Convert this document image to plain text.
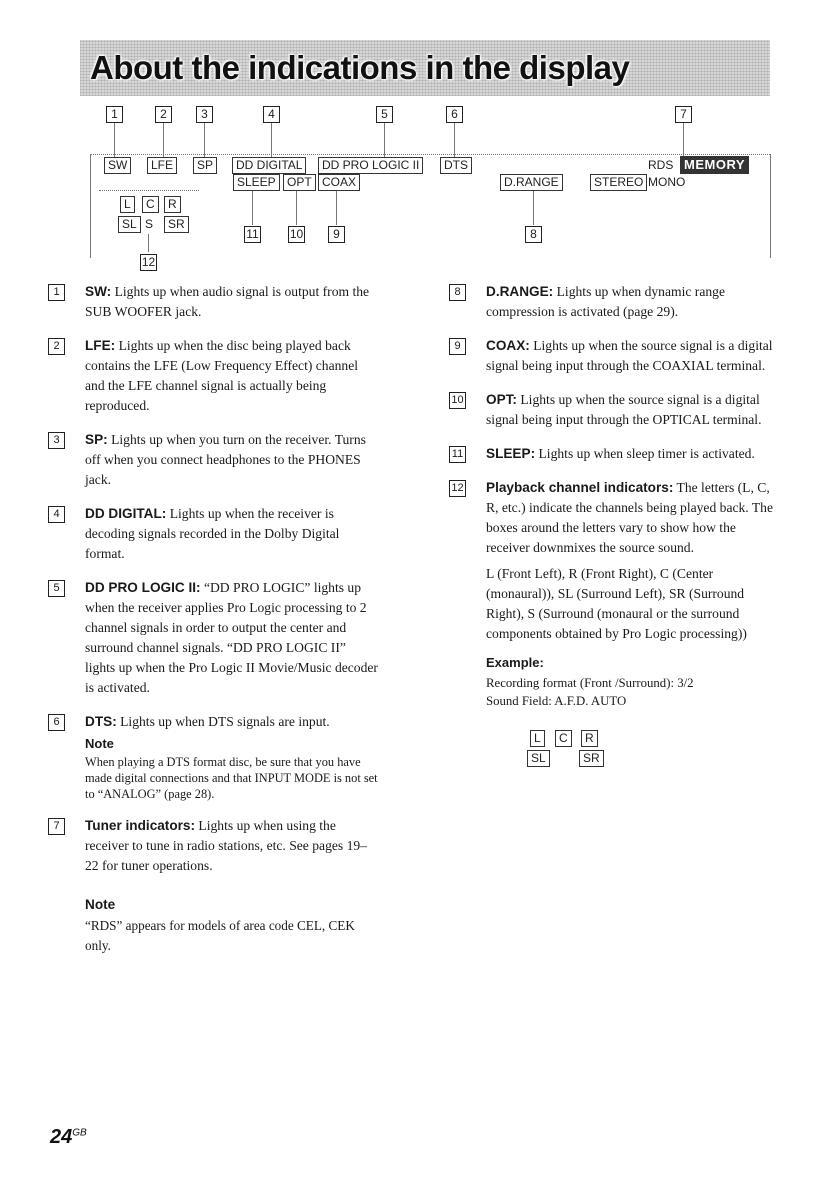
About the indications in the display
1	2	3	4	5	6	7
SW	LFE	SP	DD DIGITAL	DD PRO LOGIC II	DTS	RDS MEMORY
SLEEP OPT COAX	D.RANGE	STEREO MONO
L	C	R
SL S	SR
11	10	9	8
12
1	SW: Lights up when audio signal is output from the SUB WOOFER jack.
2	LFE: Lights up when the disc being played back contains the LFE (Low Frequency Effect) channel and the LFE channel signal is actually being reproduced.
3	SP: Lights up when you turn on the receiver. Turns off when you connect headphones to the PHONES jack.
4	DD DIGITAL: Lights up when the receiver is decoding signals recorded in the Dolby Digital format.
5	DD PRO LOGIC II: “DD PRO LOGIC” lights up when the receiver applies Pro Logic processing to 2 channel signals in order to output the center and surround channel signals. “DD PRO LOGIC II” lights up when the Pro Logic II Movie/Music decoder is activated.
6	DTS: Lights up when DTS signals are input.
Note
When playing a DTS format disc, be sure that you have made digital connections and that INPUT MODE is not set to “ANALOG” (page 28).
7	Tuner indicators: Lights up when using the receiver to tune in radio stations, etc. See pages 19–22 for tuner operations.
Note
“RDS” appears for models of area code CEL, CEK only.
8	D.RANGE: Lights up when dynamic range compression is activated (page 29).
9	COAX: Lights up when the source signal is a digital signal being input through the COAXIAL terminal.
10 OPT: Lights up when the source signal is a digital signal being input through the OPTICAL terminal.
11 SLEEP: Lights up when sleep timer is activated.
12 Playback channel indicators: The letters (L, C, R, etc.) indicate the channels being played back. The boxes around the letters vary to show how the receiver downmixes the source sound.
L (Front Left), R (Front Right), C (Center (monaural)), SL (Surround Left), SR (Surround Right), S (Surround (monaural or the surround components obtained by Pro Logic processing))
Example:
Recording format (Front /Surround): 3/2
Sound Field: A.F.D. AUTO
L	C	R
SL	SR
$24^{GB}$
